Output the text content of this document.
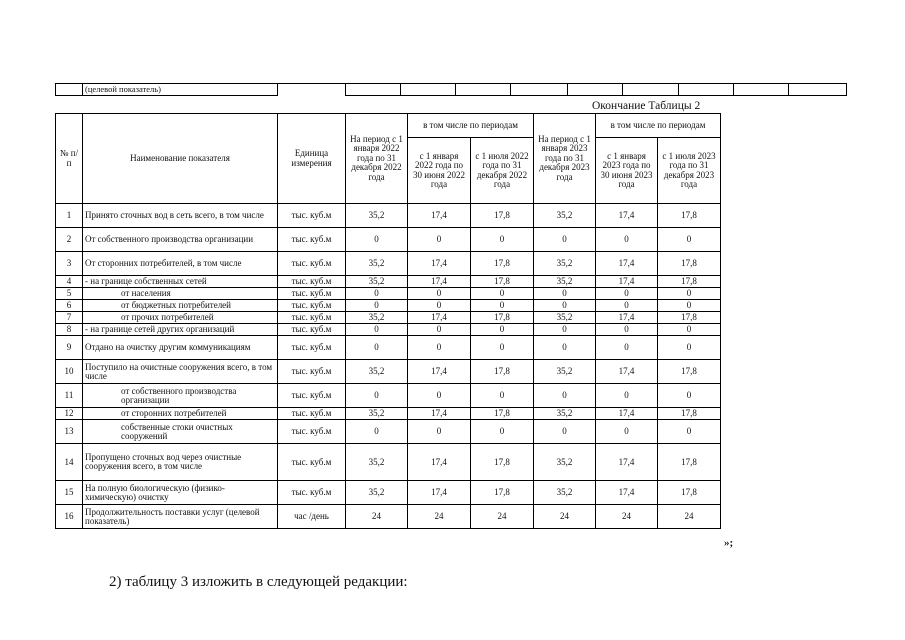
	(целевой показатель)										
Окончание Таблицы 2
№ п/п	Наименование показателя	Единица измерения	На период с 1 января 2022 года по 31 декабря 2022 года	в том числе по периодам		На период с 1 января 2023 года по 31 декабря 2023 года	в том числе по периодам	
				с 1 января 2022 года по 30 июня 2022 года	с 1 июля 2022 года по 31 декабря 2022 года		с 1 января 2023 года по 30 июня 2023 года	с 1 июля 2023 года по 31 декабря 2023 года
1	Принято сточных вод в сеть всего, в том числе	тыс. куб.м	35,2	17,4	17,8	35,2	17,4	17,8
2	От собственного производства организации	тыс. куб.м	0	0	0	0	0	0
3	От сторонних потребителей, в том числе	тыс. куб.м	35,2	17,4	17,8	35,2	17,4	17,8
4	- на границе собственных сетей	тыс. куб.м	35,2	17,4	17,8	35,2	17,4	17,8
5	от населения	тыс. куб.м	0	0	0	0	0	0
6	от бюджетных потребителей	тыс. куб.м	0	0	0	0	0	0
7	от прочих потребителей	тыс. куб.м	35,2	17,4	17,8	35,2	17,4	17,8
8	- на границе сетей других организаций	тыс. куб.м	0	0	0	0	0	0
9	Отдано на очистку другим коммуникациям	тыс. куб.м	0	0	0	0	0	0
10	Поступило на очистные сооружения всего, в том числе	тыс. куб.м	35,2	17,4	17,8	35,2	17,4	17,8
11	от собственного производства организации	тыс. куб.м	0	0	0	0	0	0
12	от сторонних потребителей	тыс. куб.м	35,2	17,4	17,8	35,2	17,4	17,8
13	собственные стоки очистных сооружений	тыс. куб.м	0	0	0	0	0	0
14	Пропущено сточных вод через очистные сооружения всего, в том числе	тыс. куб.м	35,2	17,4	17,8	35,2	17,4	17,8
15	На полную биологическую (физико-химическую) очистку	тыс. куб.м	35,2	17,4	17,8	35,2	17,4	17,8
16	Продолжительность поставки услуг (целевой показатель)	час /день	24	24	24	24	24	24
»;
2) таблицу 3 изложить в следующей редакции:
